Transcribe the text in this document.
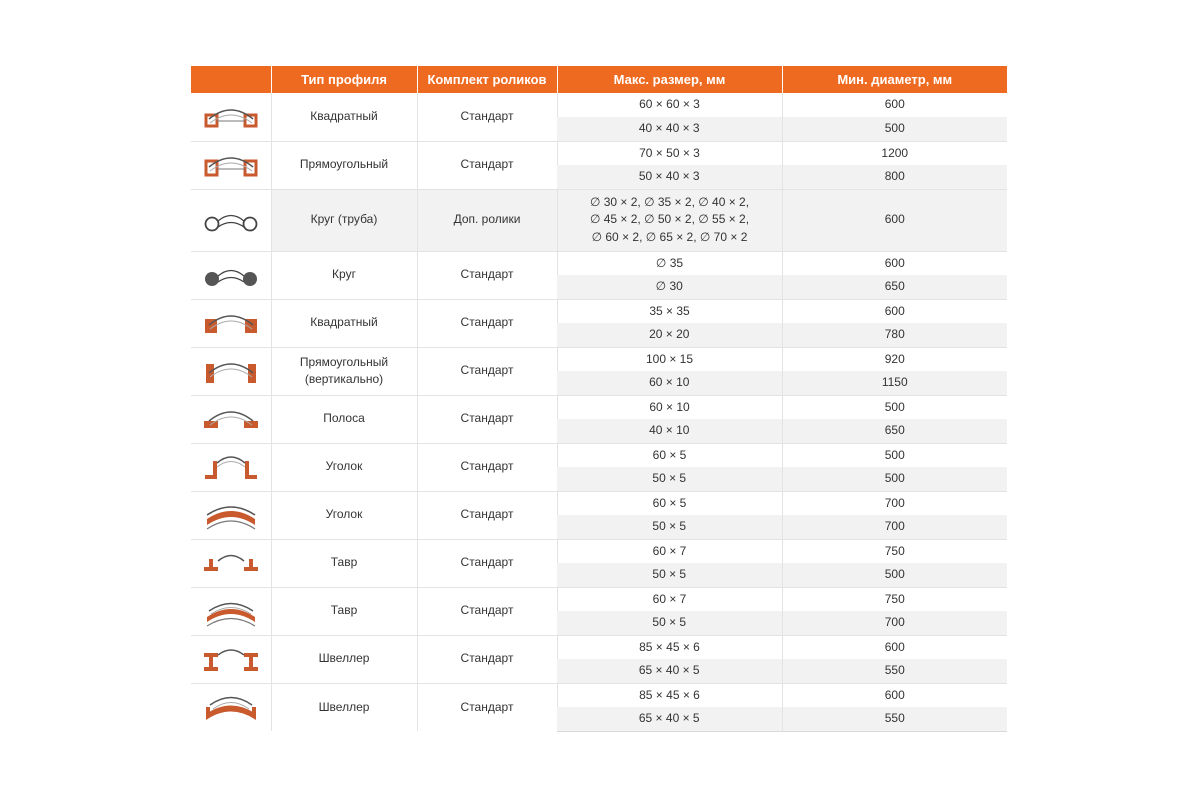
	Тип профиля	Комплект роликов	Макс. размер, мм	Мин. диаметр, мм

	Квадратный	Стандарт	60 × 60 × 3	600
			40 × 40 × 3	500

	Прямоугольный	Стандарт	70 × 50 × 3	1200
			50 × 40 × 3	800

	Круг (труба)	Доп. ролики	∅ 30 × 2, ∅ 35 × 2, ∅ 40 × 2,
∅ 45 × 2, ∅ 50 × 2, ∅ 55 × 2,
∅ 60 × 2, ∅ 65 × 2, ∅ 70 × 2	600

	Круг	Стандарт	∅ 35	600
			∅ 30	650

	Квадратный	Стандарт	35 × 35	600
			20 × 20	780

	Прямоугольный
(вертикально)	Стандарт	100 × 15	920
			60 × 10	1150

	Полоса	Стандарт	60 × 10	500
			40 × 10	650

	Уголок	Стандарт	60 × 5	500
			50 × 5	500

	Уголок	Стандарт	60 × 5	700
			50 × 5	700

	Тавр	Стандарт	60 × 7	750
			50 × 5	500

	Тавр	Стандарт	60 × 7	750
			50 × 5	700

	Швеллер	Стандарт	85 × 45 × 6	600
			65 × 40 × 5	550

	Швеллер	Стандарт	85 × 45 × 6	600
			65 × 40 × 5	550
